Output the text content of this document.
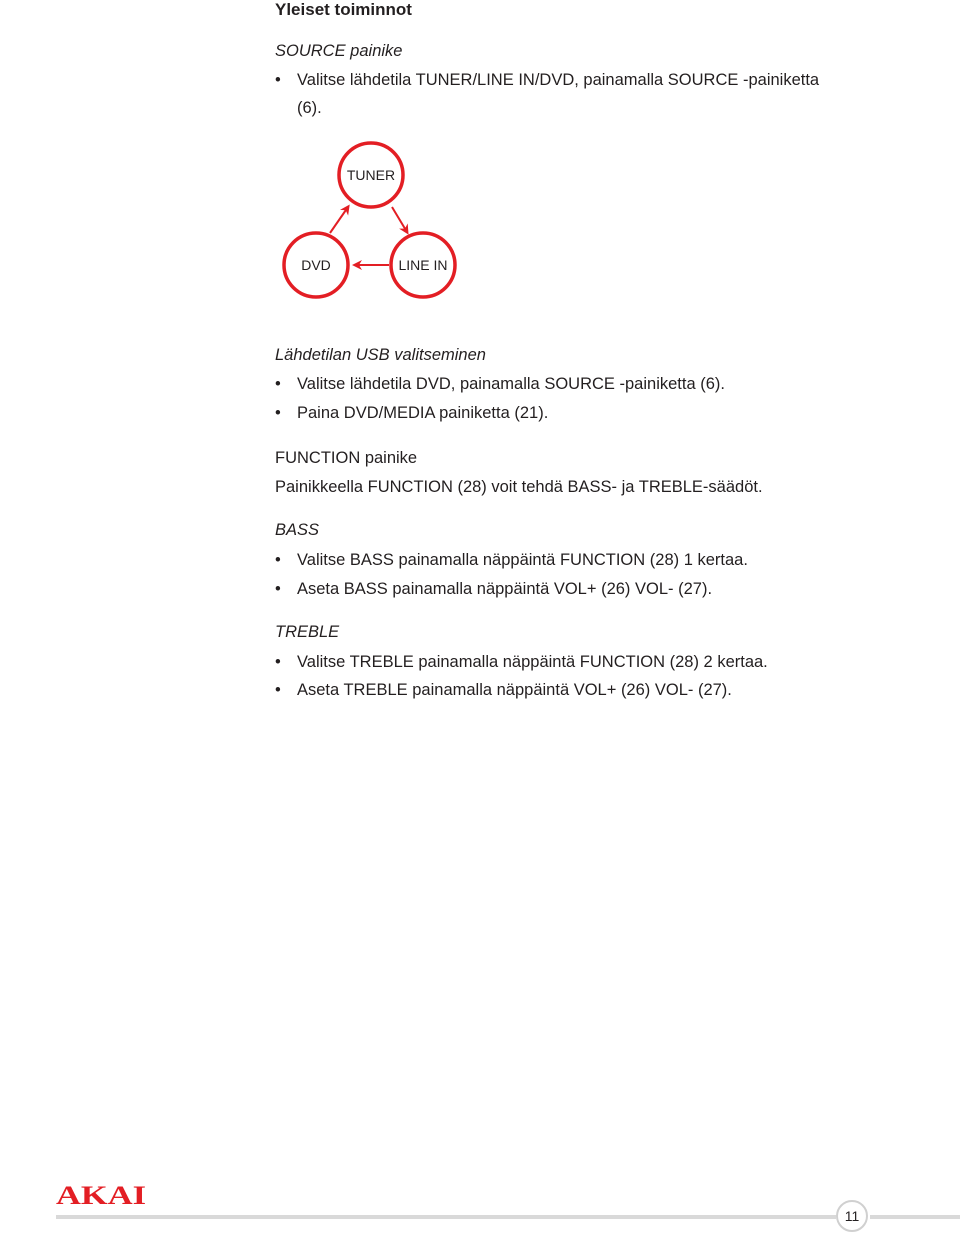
Yleiset toiminnot
SOURCE painike
• Valitse lähdetila TUNER/LINE IN/DVD, painamalla SOURCE -painiketta
(6).
TUNER
DVD	LINE IN
Lähdetilan USB valitseminen
• Valitse lähdetila DVD, painamalla SOURCE -painiketta (6).
• Paina DVD/MEDIA painiketta (21).
FUNCTION painike
Painikkeella FUNCTION (28) voit tehdä BASS- ja TREBLE-säädöt.
BASS
• Valitse BASS painamalla näppäintä FUNCTION (28) 1 kertaa.
• Aseta BASS painamalla näppäintä VOL+ (26) VOL- (27).
TREBLE
• Valitse TREBLE painamalla näppäintä FUNCTION (28) 2 kertaa.
• Aseta TREBLE painamalla näppäintä VOL+ (26) VOL- (27).
AKAI
11
